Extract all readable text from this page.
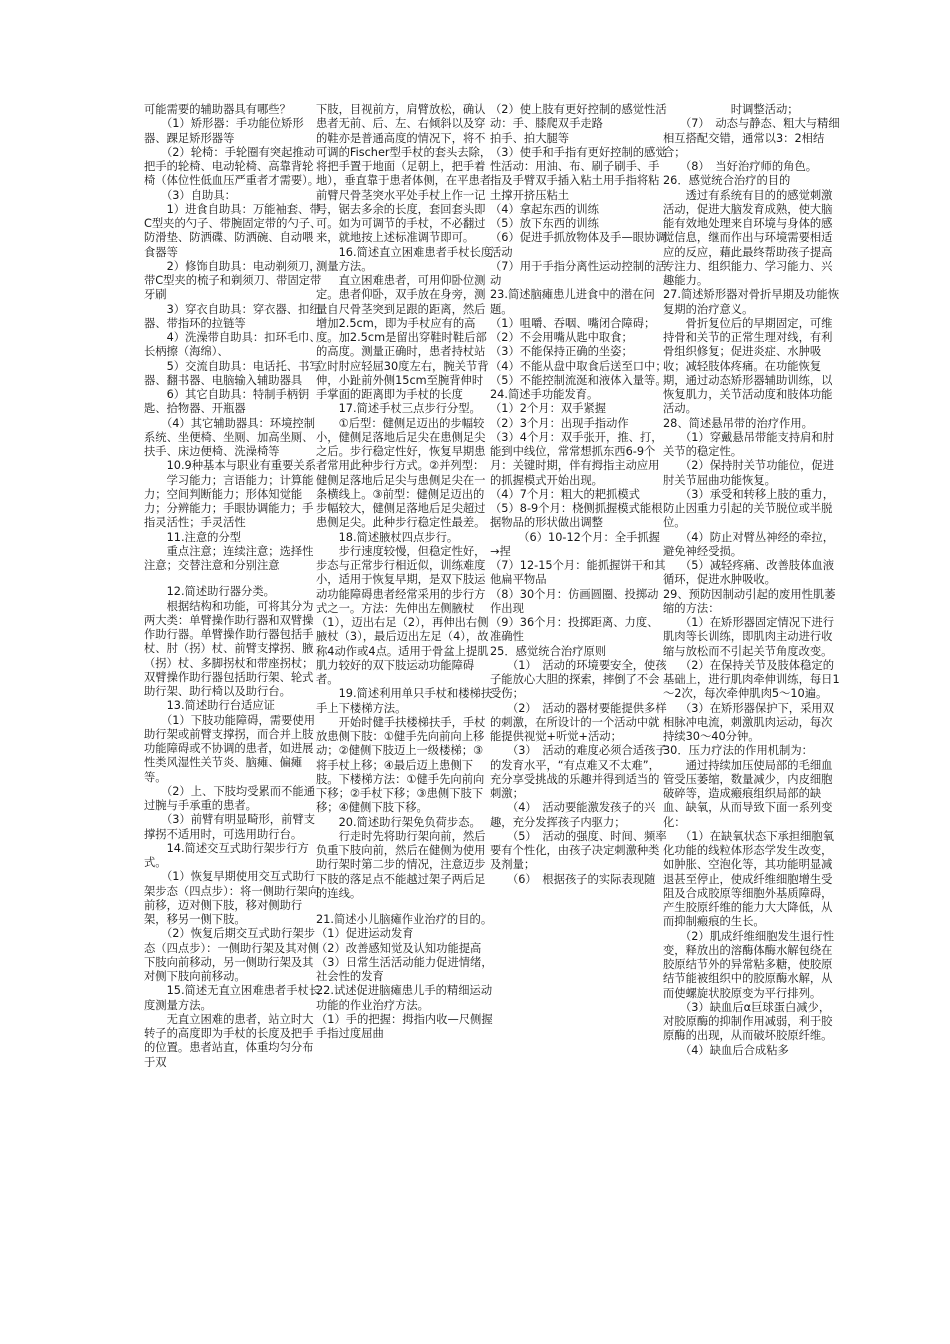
可能需要的辅助器具有哪些？

　　（1）矫形器：手功能位矫形器、踝足矫形器等

　　（2）轮椅：手轮圈有突起推动把手的轮椅、电动轮椅、高靠背轮椅（体位性低血压严重者才需要）。

　　（3）自助具：

　　1）进食自助具：万能袖套、带C型夹的勺子、带腕固定带的勺子、防滑垫、防洒碟、防洒碗、自动喂食器等

　　2）修饰自助具：电动剃须刀，带C型夹的梳子和剃须刀、带固定带牙刷

　　3）穿衣自助具：穿衣器、扣纽器、带指环的拉链等

　　4）洗澡带自助具：扣环毛巾、长柄擦（海绵）、

　　5）交流自助具：电话托、书写器、翻书器、电脑输入辅助器具

　　6）其它自助具：特制手柄钥匙、拾物器、开瓶器

　　（4）其它辅助器具：环境控制系统、坐便椅、坐厕、加高坐厕、扶手、床边便椅、洗澡椅等

　　10.9种基本与职业有重要关系

　　学习能力；言语能力；计算能力；空间判断能力；形体知觉能力；分辨能力；手眼协调能力；手指灵活性；手灵活性

　　11.注意的分型

　　重点注意；连续注意；选择性注意；交替注意和分别注意

　　12.简述助行器分类。

　　根据结构和功能，可将其分为两大类：单臂操作助行器和双臂操作助行器。单臂操作助行器包括手杖、肘（拐）杖、前臂支撑拐、腋（拐）杖、多脚拐杖和带座拐杖；双臂操作助行器包括助行架、轮式助行架、助行椅以及助行台。

　　13.简述助行台适应证

　　（1）下肢功能障碍，需要使用助行架或前臂支撑拐，而合并上肢功能障碍或不协调的患者，如进展性类风湿性关节炎、脑瘫、偏瘫等。

　　（2）上、下肢均受累而不能通过腕与手承重的患者。

　　（3）前臂有明显畸形，前臂支撑拐不适用时，可选用助行台。

　　14.简述交互式助行架步行方式。

　　（1）恢复早期使用交互式助行架步态（四点步）：将一侧助行架向前移，迈对侧下肢，移对侧助行架，移另一侧下肢。

　　（2）恢复后期交互式助行架步态（四点步）：一侧助行架及其对侧下肢向前移动，另一侧助行架及其对侧下肢向前移动。

　　15.简述无直立困难患者手杖长度测量方法。

　　无直立困难的患者，站立时大转子的高度即为手杖的长度及把手的位置。患者站直，体重均匀分布于双

下肢，目视前方，肩臂放松，确认患者无前、后、左、右倾斜以及穿的鞋亦是普通高度的情况下，将不可调的Fischer型手杖的套头去除，将把手置于地面（足朝上，把手着地），垂直靠于患者体侧，在平患者前臂尺骨茎突水平处手杖上作一记号，锯去多余的长度，套回套头即可。如为可调节的手杖，不必翻过来，就地按上述标准调节即可。

　　16.简述直立困难患者手杖长度测量方法。

　　直立困难患者，可用仰卧位测定。患者仰卧，双手放在身旁，测量自尺骨茎突到足跟的距离，然后增加2.5cm，即为手杖应有的高度。加2.5cm是留出穿鞋时鞋后部的高度。测量正确时，患者持杖站立时肘应轻屈30度左右，腕关节背伸，小趾前外侧15cm至腕背伸时手掌面的距离即为手杖的长度

　　17.简述手杖三点步行分型。

　　①后型：健侧足迈出的步幅较小，健侧足落地后足尖在患侧足尖之后。步行稳定性好，恢复早期患者常用此种步行方式。②并列型：健侧足落地后足尖与患侧足尖在一条横线上。③前型：健侧足迈出的步幅较大，健侧足落地后足尖超过患侧足尖。此种步行稳定性最差。

　　18.简述腋杖四点步行。

　　步行速度较慢，但稳定性好，步态与正常步行相近似，训练难度小，适用于恢复早期，是双下肢运动功能障碍患者经常采用的步行方式之一。方法：先伸出左侧腋杖（1），迈出右足（2），再伸出右侧腋杖（3），最后迈出左足（4），故称4动作或4点。适用于骨盆上提肌肌力较好的双下肢运动功能障碍者。

　　19.简述利用单只手杖和楼梯扶手上下楼梯方法。

　　开始时健手扶楼梯扶手，手杖放患侧下肢：①健手先向前向上移动；②健侧下肢迈上一级楼梯；③将手杖上移；④最后迈上患侧下肢。下楼梯方法：①健手先向前向下移；②手杖下移；③患侧下肢下移；④健侧下肢下移。

　　20.简述助行架免负荷步态。

　　行走时先将助行架向前，然后负重下肢向前，然后在健侧为使用助行架时第二步的情况，注意迈步下肢的落足点不能越过架子两后足的连线。

21.简述小儿脑瘫作业治疗的目的。

（1）促进运动发育

（2）改善感知觉及认知功能提高

（3）日常生活活动能力促进情绪，社会性的发育

22.试述促进脑瘫患儿手的精细运动功能的作业治疗方法。

（1）手的把握：拇指内收—尺侧握 手指过度屈曲

（2）使上肢有更好控制的感觉性活动：手、膝爬双手走路

拍手、拍大腿等

（3）使手和手指有更好控制的感觉性活动：用油、布、刷子刷手、手指及手臂双手插入粘土用手指将粘土撑开挤压粘土

（4）拿起东西的训练

（5）放下东西的训练

（6）促进手抓放物体及手—眼协调活动

（7）用于手指分离性运动控制的活动

23.简述脑瘫患儿进食中的潜在问题。

（1）咀嚼、吞咽、嘴闭合障碍；

（2）不会用嘴从匙中取食；

（3）不能保持正确的坐姿；

（4）不能从盘中取食后送至口中；

（5）不能控制流涎和液体入量等。

24.简述手功能发育。

（1）2个月：双手紧握

（2）3个月：出现手指动作

（3）4个月：双手张开，推、打，能到中线位，常常想抓东西6-9个月：关键时期，伴有拇指主动应用的抓握模式开始出现。

（4）7个月：粗大的耙抓模式

（5）8-9个月：桡侧抓握模式能根据物品的形状做出调整

　　　（6）10-12个月：全手抓握→捏

（7）12-15个月：能抓握饼干和其他扁平物品

（8）30个月：仿画圆圈、投掷动作出现

（9）36个月：投掷距离、力度、准确性

25．感觉统合治疗原则

　　（1）　活动的环境要安全，使孩子能放心大胆的探索，摔倒了不会受伤；

　　（2）　活动的器材要能提供多样的刺激，在所设计的一个活动中就能提供视觉+听觉+活动；

　　（3）　活动的难度必须合适孩子的发育水平，“有点难又不太难”，充分享受挑战的乐趣并得到适当的刺激；

　　（4）　活动要能激发孩子的兴趣，充分发挥孩子内驱力；

　　（5）　活动的强度、时间、频率要有个性化，由孩子决定刺激种类及剂量；

　　（6）　根据孩子的实际表现随

　　　　　　时调整活动；

　　（7）　动态与静态、粗大与精细相互搭配交错，通常以3：2相结合；

　　（8）　当好治疗师的角色。

26．感觉统合治疗的目的

　　透过有系统有目的的感觉刺激活动，促进大脑发育成熟，使大脑能有效地处理来自环境与身体的感觉信息，继而作出与环境需要相适应的反应，藉此最终帮助孩子提高专注力、组织能力、学习能力、兴趣能力。

27.简述矫形器对骨折早期及功能恢复期的治疗意义。

　　骨折复位后的早期固定，可维持骨和关节的正常生理对线，有利骨组织修复；促进炎症、水肿吸收；减轻肢体疼痛。在功能恢复期，通过动态矫形器辅助训练，以恢复肌力，关节活动度和肢体功能活动。

28、简述悬吊带的治疗作用。

　　（1）穿戴悬吊带能支持肩和肘关节的稳定性。

　　（2）保持肘关节功能位，促进肘关节屈曲功能恢复。

　　（3）承受和转移上肢的重力，防止因重力引起的关节脱位或半脱位。

　　（4）防止对臂丛神经的牵拉，避免神经受损。

　　（5）减轻疼痛、改善肢体血液循环，促进水肿吸收。

29、预防因制动引起的废用性肌萎缩的方法：

　　（1）在矫形器固定情况下进行肌肉等长训练，即肌肉主动进行收缩与放松而不引起关节角度改变。

　　（2）在保持关节及肢体稳定的基础上，进行肌肉牵伸训练，每日1～2次，每次牵伸肌肉5～10遍。

　　（3）在矫形器保护下，采用双相脉冲电流，刺激肌肉运动，每次持续30～40分钟。

30．压力疗法的作用机制为：

　　通过持续加压使局部的毛细血管受压萎缩，数量减少，内皮细胞破碎等，造成瘢痕组织局部的缺血、缺氧，从而导致下面一系列变化：

　　（1）在缺氧状态下承担细胞氧化功能的线粒体形态学发生改变，如肿胀、空泡化等，其功能明显减退甚至停止，使成纤维细胞增生受阻及合成胶原等细胞外基质障碍，产生胶原纤维的能力大大降低，从而抑制瘢痕的生长。

　　（2）肌成纤维细胞发生退行性变，释放出的溶酶体酶水解包绕在胶原结节外的异常粘多糖，使胶原结节能被组织中的胶原酶水解，从而使螺旋状胶原变为平行排列。

　　（3）缺血后α巨球蛋白减少，对胶原酶的抑制作用减弱，利于胶原酶的出现，从而破坏胶原纤维。

　　（4）缺血后合成粘多
